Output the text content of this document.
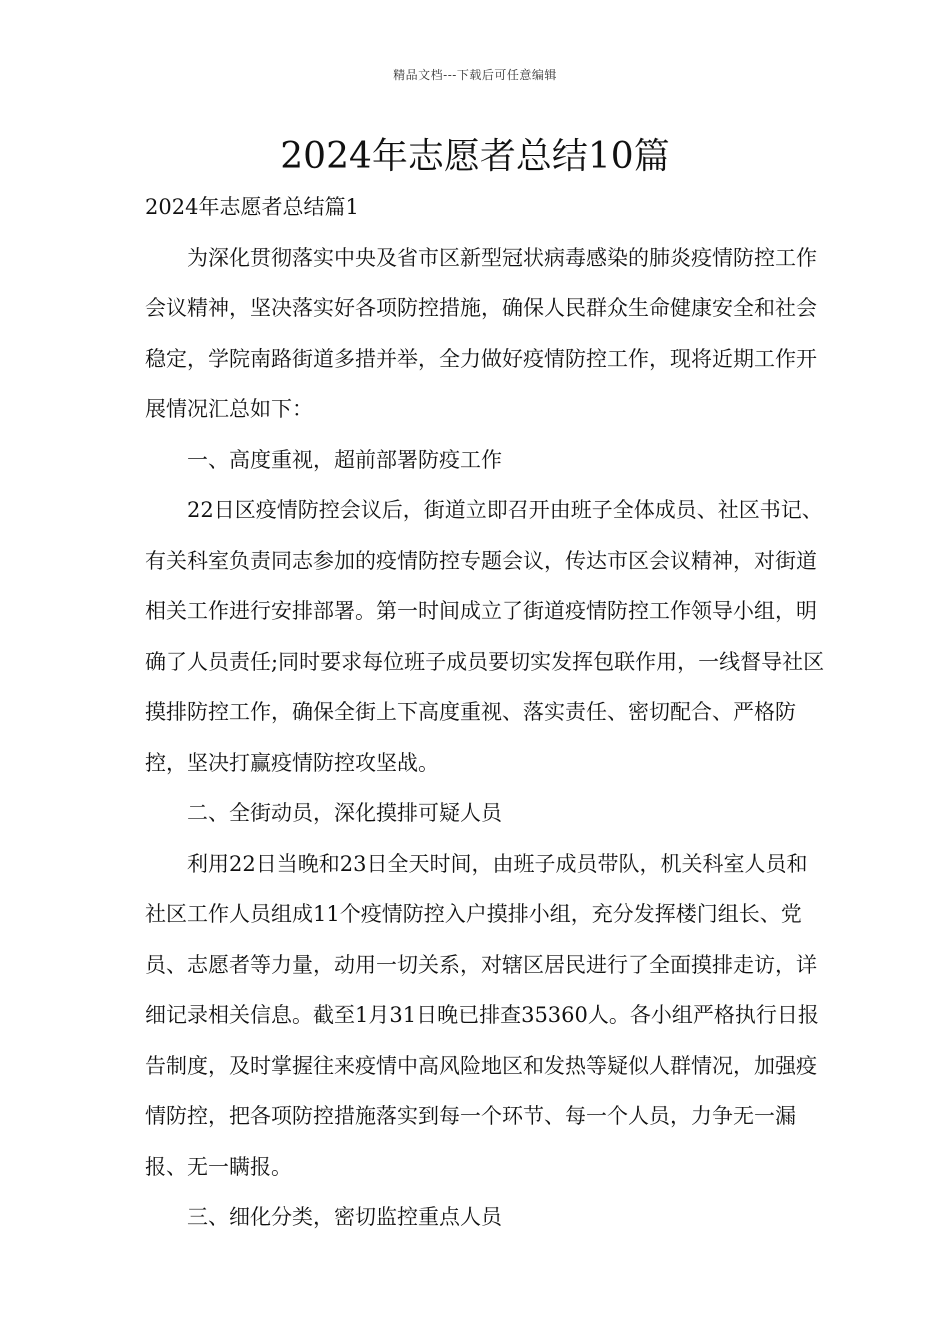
精品文档---下载后可任意编辑
2024年志愿者总结10篇

2024年志愿者总结篇1

为深化贯彻落实中央及省市区新型冠状病毒感染的肺炎疫情防控工作会议精神，坚决落实好各项防控措施，确保人民群众生命健康安全和社会稳定，学院南路街道多措并举，全力做好疫情防控工作，现将近期工作开展情况汇总如下：

一、高度重视，超前部署防疫工作

22日区疫情防控会议后，街道立即召开由班子全体成员、社区书记、有关科室负责同志参加的疫情防控专题会议，传达市区会议精神，对街道相关工作进行安排部署。第一时间成立了街道疫情防控工作领导小组，明确了人员责任;同时要求每位班子成员要切实发挥包联作用，一线督导社区摸排防控工作，确保全街上下高度重视、落实责任、密切配合、严格防控，坚决打赢疫情防控攻坚战。

二、全街动员，深化摸排可疑人员

利用22日当晚和23日全天时间，由班子成员带队，机关科室人员和社区工作人员组成11个疫情防控入户摸排小组，充分发挥楼门组长、党员、志愿者等力量，动用一切关系，对辖区居民进行了全面摸排走访，详细记录相关信息。截至1月31日晚已排查35360人。各小组严格执行日报告制度，及时掌握往来疫情中高风险地区和发热等疑似人群情况，加强疫情防控，把各项防控措施落实到每一个环节、每一个人员，力争无一漏报、无一瞒报。

三、细化分类，密切监控重点人员
